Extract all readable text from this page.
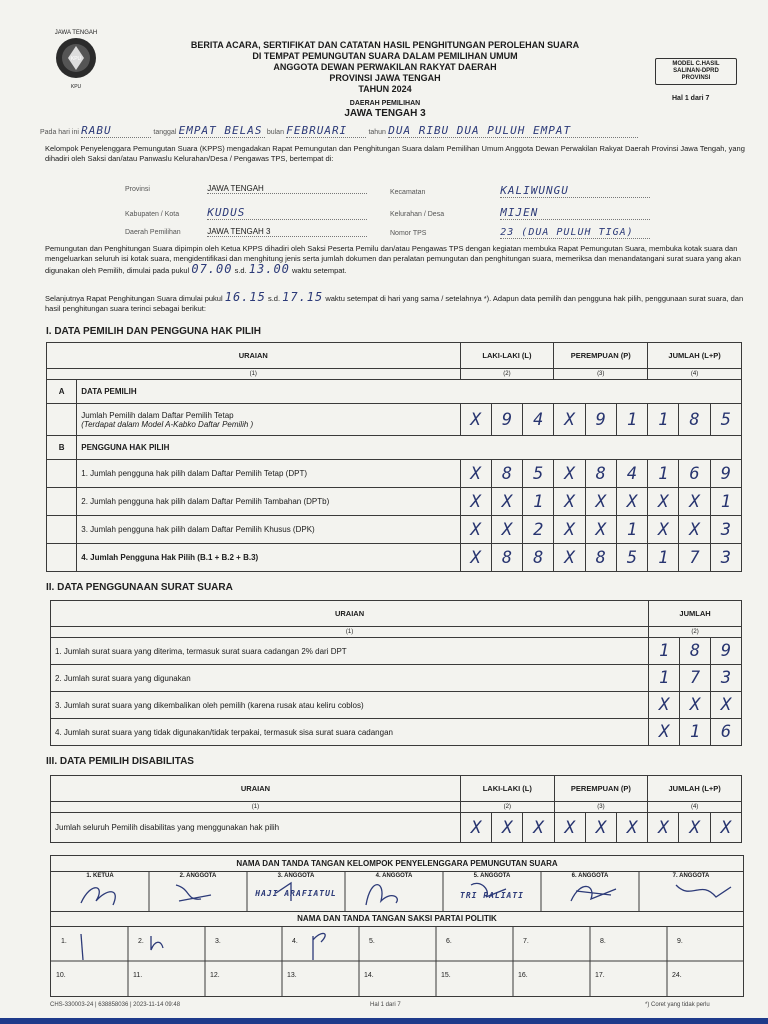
JAWA TENGAH
KPU
KPU
BERITA ACARA, SERTIFIKAT DAN CATATAN HASIL PENGHITUNGAN PEROLEHAN SUARA
DI TEMPAT PEMUNGUTAN SUARA DALAM PEMILIHAN UMUM
ANGGOTA DEWAN PERWAKILAN RAKYAT DAERAH
PROVINSI JAWA TENGAH
TAHUN 2024
MODEL C.HASIL
SALINAN-DPRD
PROVINSI
Hal 1 dari 7
DAERAH PEMILIHAN
JAWA TENGAH 3
Pada hari ini RABU	tanggal EMPAT BELAS bulan FEBRUARI	tahun DUA RIBU DUA PULUH EMPAT
Kelompok Penyelenggara Pemungutan Suara (KPPS) mengadakan Rapat Pemungutan dan Penghitungan Suara dalam Pemilihan Umum Anggota Dewan Perwakilan Rakyat Daerah Provinsi Jawa Tengah, yang dihadiri oleh Saksi dan/atau Panwaslu Kelurahan/Desa / Pengawas TPS, bertempat di:
Provinsi	JAWA TENGAH
Kabupaten / Kota	KUDUS
Daerah Pemilihan	JAWA TENGAH 3
Kecamatan	KALIWUNGU
Kelurahan / Desa	MIJEN
Nomor TPS	23 (DUA PULUH TIGA)
Pemungutan dan Penghitungan Suara dipimpin oleh Ketua KPPS dihadiri oleh Saksi Peserta Pemilu dan/atau Pengawas TPS dengan kegiatan membuka Rapat Pemungutan Suara, membuka kotak suara dan mengeluarkan seluruh isi kotak suara, mengidentifikasi dan menghitung jenis serta jumlah dokumen dan peralatan pemungutan dan penghitungan suara, memeriksa dan menandatangani surat suara yang akan digunakan oleh Pemilih, dimulai pada pukul 07.00 s.d. 13.00 waktu setempat.
Selanjutnya Rapat Penghitungan Suara dimulai pukul 16.15 s.d. 17.15 waktu setempat di hari yang sama / setelahnya *). Adapun data pemilih dan pengguna hak pilih, penggunaan surat suara, dan hasil penghitungan suara terinci sebagai berikut:
I. DATA PEMILIH DAN PENGGUNA HAK PILIH
URAIAN		LAKI-LAKI (L)			PEREMPUAN (P)			JUMLAH (L+P)		
(1)		(2)			(3)			(4)		
A	DATA PEMILIH									

	Jumlah Pemilih dalam Daftar Pemilih Tetap
(Terdapat dalam Model A-Kabko Daftar Pemilih )	X	9	4	X	9	1	1	8	5
B	PENGGUNA HAK PILIH									
	1. Jumlah pengguna hak pilih dalam Daftar Pemilih Tetap (DPT)	X	8	5	X	8	4	1	6	9
	2. Jumlah pengguna hak pilih dalam Daftar Pemilih Tambahan (DPTb)	X	X	1	X	X	X	X	X	1
	3. Jumlah pengguna hak pilih dalam Daftar Pemilih Khusus (DPK)	X	X	2	X	X	1	X	X	3
	4. Jumlah Pengguna Hak Pilih (B.1 + B.2 + B.3)	X	8	8	X	8	5	1	7	3
II. DATA PENGGUNAAN SURAT SUARA
URAIAN	JUMLAH		
(1)	(2)		
1. Jumlah surat suara yang diterima, termasuk surat suara cadangan 2% dari DPT	1	8	9
2. Jumlah surat suara yang digunakan	1	7	3
3. Jumlah surat suara yang dikembalikan oleh pemilih (karena rusak atau keliru coblos)	X	X	X
4. Jumlah surat suara yang tidak digunakan/tidak terpakai, termasuk sisa surat suara cadangan	X	1	6
III. DATA PEMILIH DISABILITAS
URAIAN	LAKI-LAKI (L)			PEREMPUAN (P)			JUMLAH (L+P)		
(1)	(2)			(3)			(4)		
Jumlah seluruh Pemilih disabilitas yang menggunakan hak pilih	X	X	X	X	X	X	X	X	X
NAMA DAN TANDA TANGAN KELOMPOK PENYELENGGARA PEMUNGUTAN SUARA
1. KETUA	2. ANGGOTA	3. ANGGOTA
HAJI ARAFIATUL
4. ANGGOTA	5. ANGGOTA
TRI PALIATI
6. ANGGOTA	7. ANGGOTA
NAMA DAN TANDA TANGAN SAKSI PARTAI POLITIK
1.	2.	3.	4.	5.	6.	7.	8.	9.
10.	11.	12.	13.	14.	15.	16.	17.	24.
CHS-330003-24 | 638858036 | 2023-11-14 09:48	Hal 1 dari 7	*) Coret yang tidak perlu
